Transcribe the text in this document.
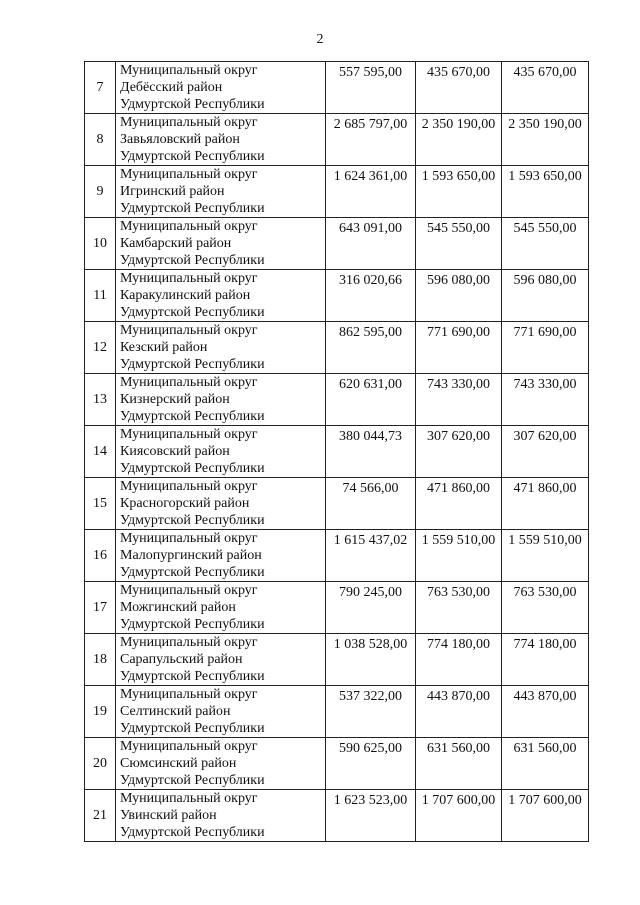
2
7	Муниципальный округ
Дебёсский район
Удмуртской Республики	557 595,00	435 670,00	435 670,00
8	Муниципальный округ
Завьяловский район
Удмуртской Республики	2 685 797,00	2 350 190,00	2 350 190,00
9	Муниципальный округ
Игринский район
Удмуртской Республики	1 624 361,00	1 593 650,00	1 593 650,00
10	Муниципальный округ
Камбарский район
Удмуртской Республики	643 091,00	545 550,00	545 550,00
11	Муниципальный округ
Каракулинский район
Удмуртской Республики	316 020,66	596 080,00	596 080,00
12	Муниципальный округ
Кезский район
Удмуртской Республики	862 595,00	771 690,00	771 690,00
13	Муниципальный округ
Кизнерский район
Удмуртской Республики	620 631,00	743 330,00	743 330,00
14	Муниципальный округ
Киясовский район
Удмуртской Республики	380 044,73	307 620,00	307 620,00
15	Муниципальный округ
Красногорский район
Удмуртской Республики	74 566,00	471 860,00	471 860,00
16	Муниципальный округ
Малопургинский район
Удмуртской Республики	1 615 437,02	1 559 510,00	1 559 510,00
17	Муниципальный округ
Можгинский район
Удмуртской Республики	790 245,00	763 530,00	763 530,00
18	Муниципальный округ
Сарапульский район
Удмуртской Республики	1 038 528,00	774 180,00	774 180,00
19	Муниципальный округ
Селтинский район
Удмуртской Республики	537 322,00	443 870,00	443 870,00
20	Муниципальный округ
Сюмсинский район
Удмуртской Республики	590 625,00	631 560,00	631 560,00
21	Муниципальный округ
Увинский район
Удмуртской Республики	1 623 523,00	1 707 600,00	1 707 600,00
